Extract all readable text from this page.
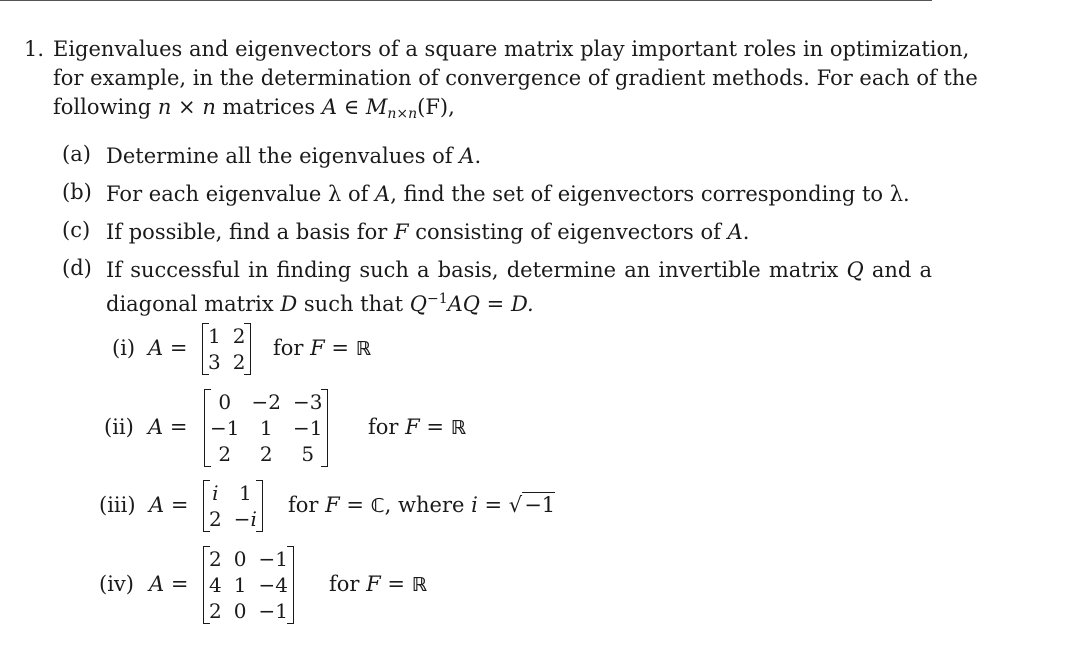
1. Eigenvalues and eigenvectors of a square matrix play important roles in optimization,
for example, in the determination of convergence of gradient methods. For each of the
following n × n matrices A ∈ $M_{n\times n}(F)$,
(a) Determine all the eigenvalues of A.
(b) For each eigenvalue λ of A, find the set of eigenvectors corresponding to λ.
(c) If possible, find a basis for F consisting of eigenvectors of A.
(d) If successful in finding such a basis, determine an invertible matrix Q and a
diagonal matrix D such that $Q^{-1}AQ = D$.
(i) A = 1	2
3	2
for F = ℝ
(ii) A =
0	−2	−3
−1	1	−1
2	2	5
for F = ℝ
(iii) A = i	1
2	−i
for F = ℂ, where i = √−1
(iv) A =
2	0	−1
4	1	−4
2	0	−1
for F = ℝ
